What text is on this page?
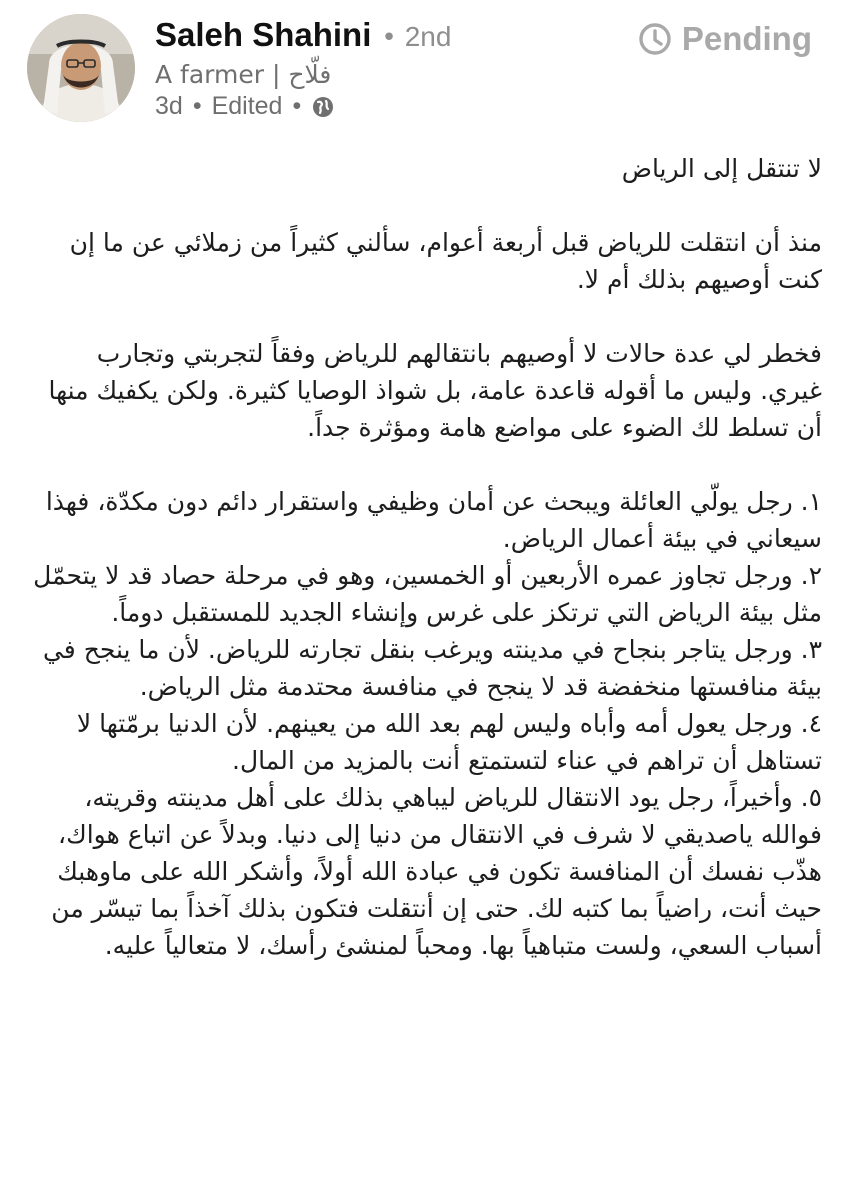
Saleh Shahini • 2nd
A farmer | فلّاح
3d • Edited •
Pending

لا تنتقل إلى الرياض

منذ أن انتقلت للرياض قبل أربعة أعوام، سألني كثيراً من زملائي عن ما إن كنت أوصيهم بذلك أم لا.

فخطر لي عدة حالات لا أوصيهم بانتقالهم للرياض وفقاً لتجربتي وتجارب غيري. وليس ما أقوله قاعدة عامة، بل شواذ الوصايا كثيرة. ولكن يكفيك منها أن تسلط لك الضوء على مواضع هامة ومؤثرة جداً.

١. رجل يولّي العائلة ويبحث عن أمان وظيفي واستقرار دائم دون مكدّة، فهذا سيعاني في بيئة أعمال الرياض.

٢. ورجل تجاوز عمره الأربعين أو الخمسين، وهو في مرحلة حصاد قد لا يتحمّل مثل بيئة الرياض التي ترتكز على غرس وإنشاء الجديد للمستقبل دوماً.

٣. ورجل يتاجر بنجاح في مدينته ويرغب بنقل تجارته للرياض. لأن ما ينجح في بيئة منافستها منخفضة قد لا ينجح في منافسة محتدمة مثل الرياض.

٤. ورجل يعول أمه وأباه وليس لهم بعد الله من يعينهم. لأن الدنيا برمّتها لا تستاهل أن تراهم في عناء لتستمتع أنت بالمزيد من المال.

٥. وأخيراً، رجل يود الانتقال للرياض ليباهي بذلك على أهل مدينته وقريته، فوالله ياصديقي لا شرف في الانتقال من دنيا إلى دنيا. وبدلاً عن اتباع هواك، هذّب نفسك أن المنافسة تكون في عبادة الله أولاً، وأشكر الله على ماوهبك حيث أنت، راضياً بما كتبه لك. حتى إن أنتقلت فتكون بذلك آخذاً بما تيسّر من أسباب السعي، ولست متباهياً بها. ومحباً لمنشئ رأسك، لا متعالياً عليه.
